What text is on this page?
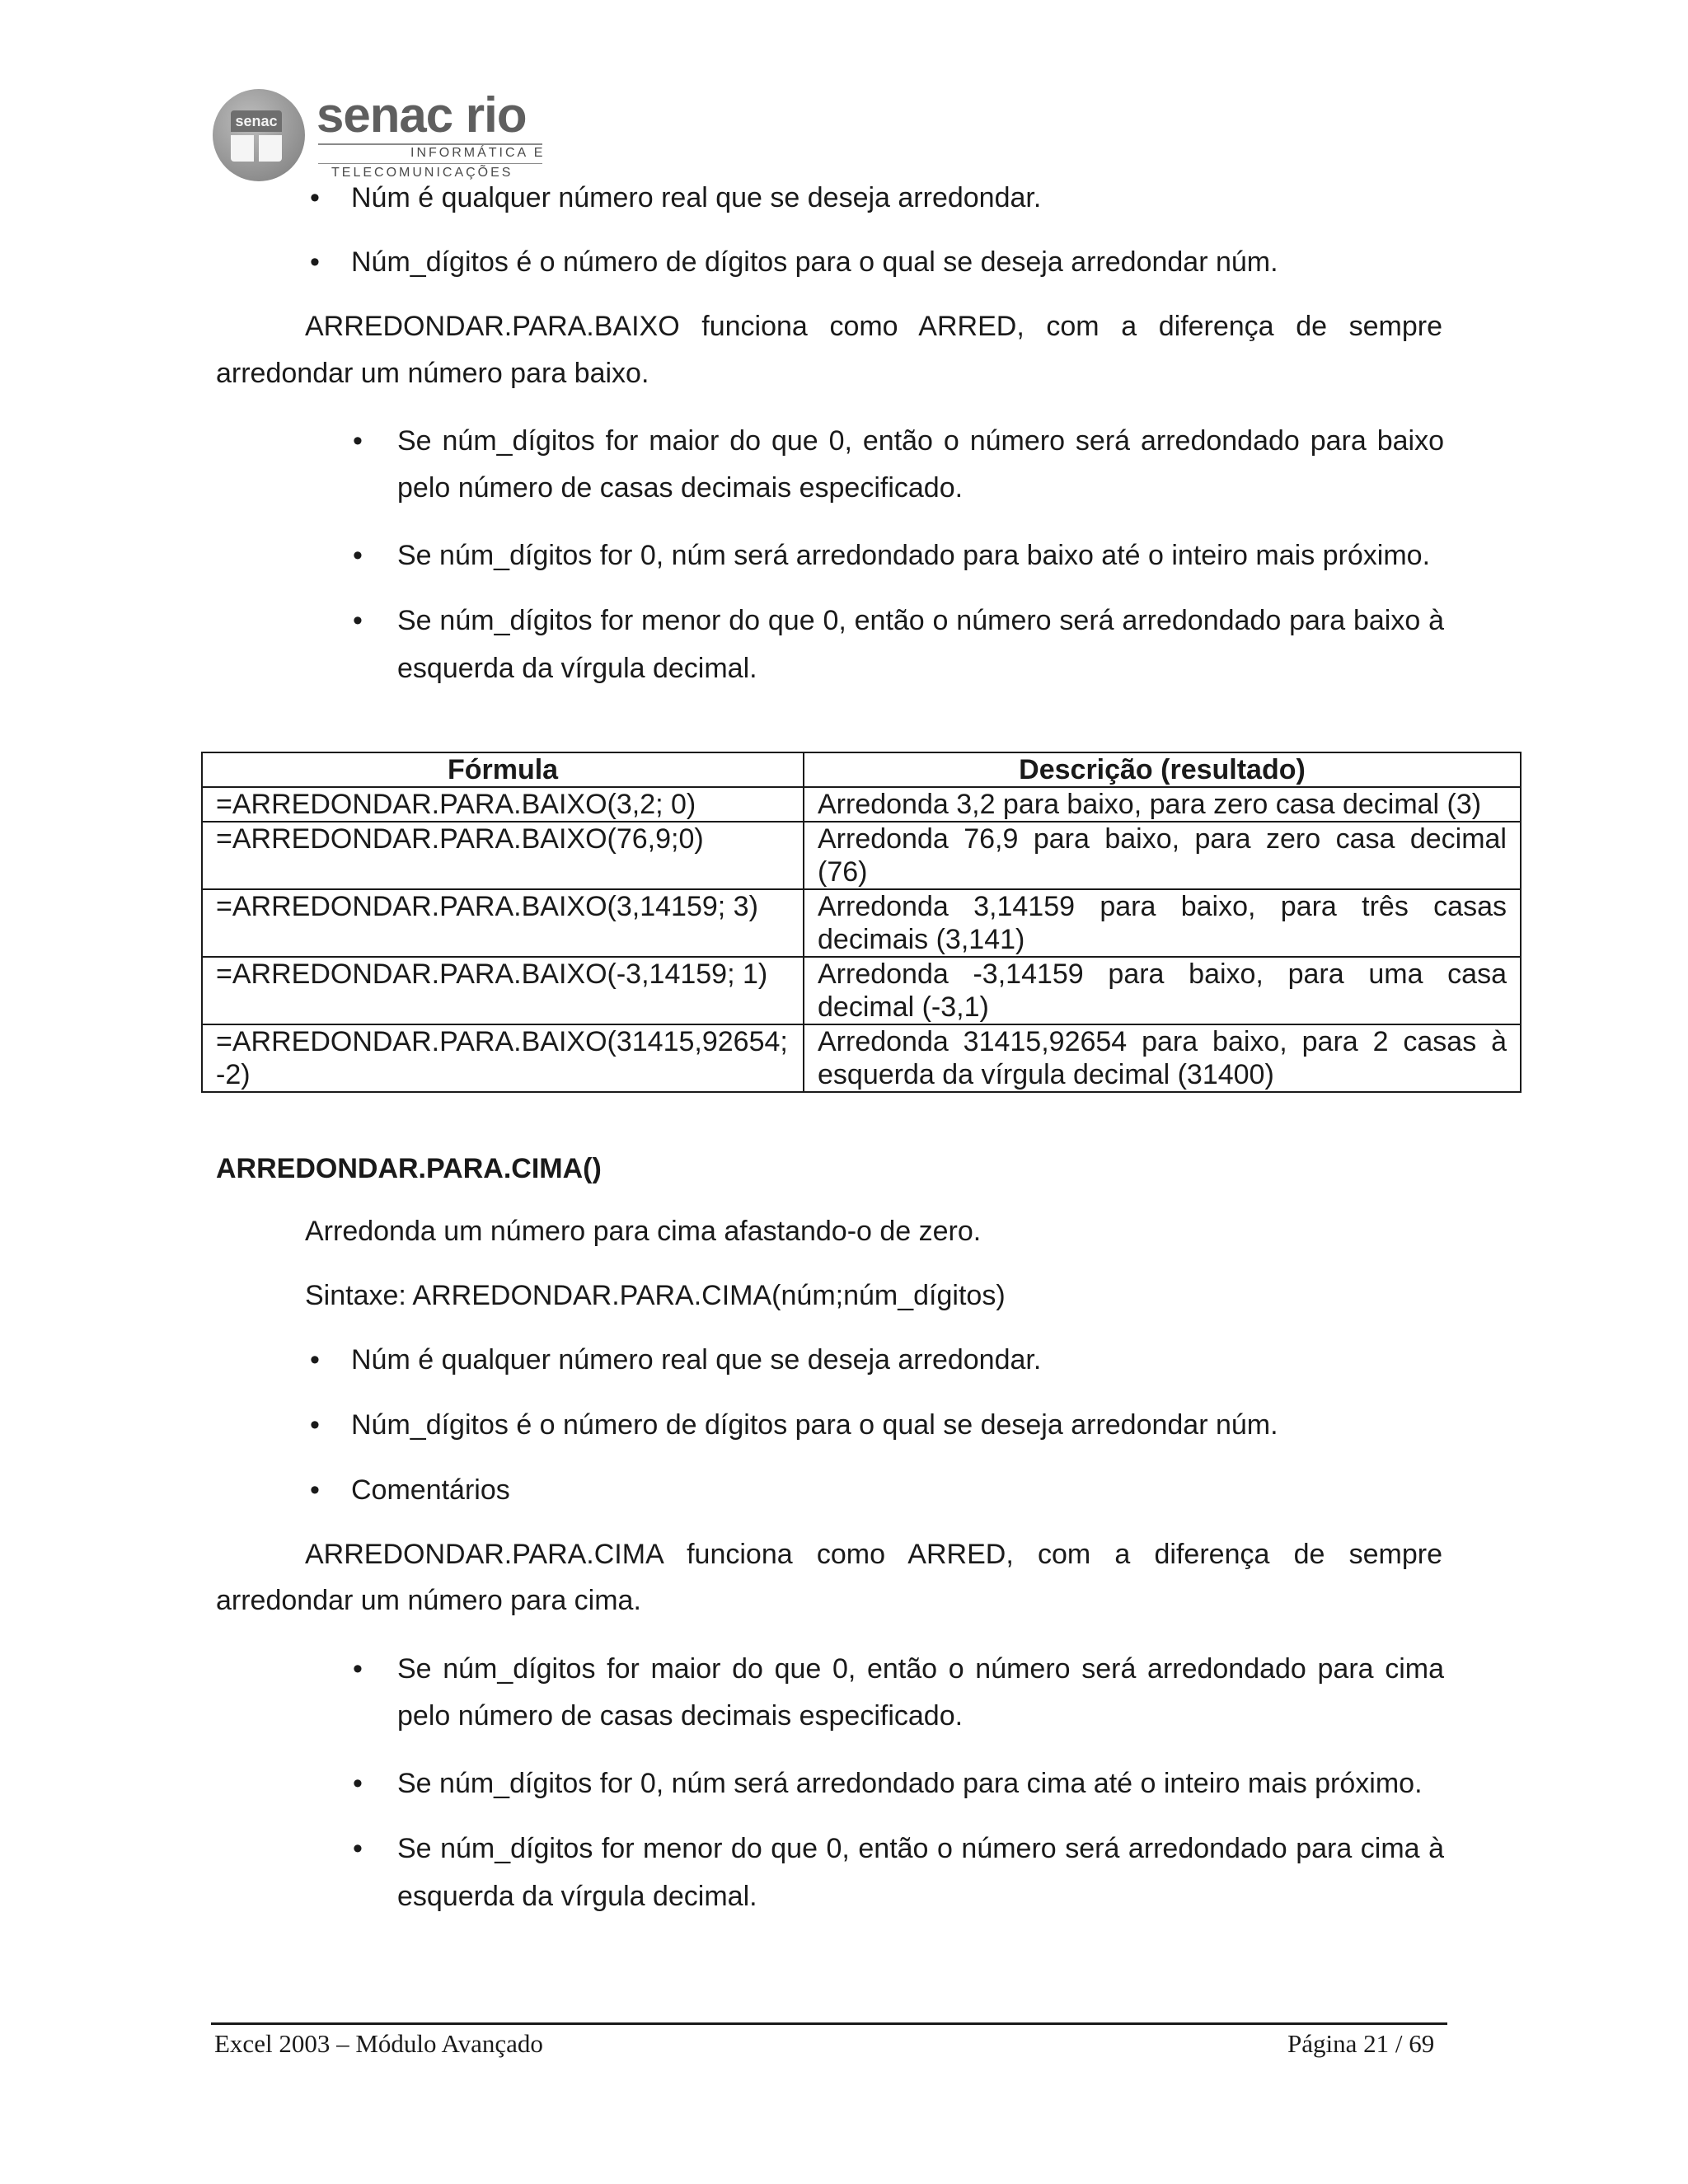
senac senac rio
INFORMÁTICA E
TELECOMUNICAÇÕES
• Núm é qualquer número real que se deseja arredondar.
• Núm_dígitos é o número de dígitos para o qual se deseja arredondar núm.
ARREDONDAR.PARA.BAIXO funciona como ARRED, com a diferença de sempre
arredondar um número para baixo.
• Se núm_dígitos for maior do que 0, então o número será arredondado para baixo
pelo número de casas decimais especificado.
• Se núm_dígitos for 0, núm será arredondado para baixo até o inteiro mais próximo.
• Se núm_dígitos for menor do que 0, então o número será arredondado para baixo à
esquerda da vírgula decimal.
Fórmula	Descrição (resultado)
=ARREDONDAR.PARA.BAIXO(3,2; 0)	Arredonda 3,2 para baixo, para zero casa decimal (3)
=ARREDONDAR.PARA.BAIXO(76,9;0)	Arredonda 76,9 para baixo, para zero casa decimal (76)
=ARREDONDAR.PARA.BAIXO(3,14159; 3)	Arredonda 3,14159 para baixo, para três casas decimais (3,141)
=ARREDONDAR.PARA.BAIXO(-3,14159; 1)	Arredonda -3,14159 para baixo, para uma casa decimal (-3,1)
=ARREDONDAR.PARA.BAIXO(31415,92654; -2)	Arredonda 31415,92654 para baixo, para 2 casas à esquerda da vírgula decimal (31400)
ARREDONDAR.PARA.CIMA()
Arredonda um número para cima afastando-o de zero.
Sintaxe: ARREDONDAR.PARA.CIMA(núm;núm_dígitos)
• Núm é qualquer número real que se deseja arredondar.
• Núm_dígitos é o número de dígitos para o qual se deseja arredondar núm.
• Comentários
ARREDONDAR.PARA.CIMA funciona como ARRED, com a diferença de sempre
arredondar um número para cima.
• Se núm_dígitos for maior do que 0, então o número será arredondado para cima
pelo número de casas decimais especificado.
• Se núm_dígitos for 0, núm será arredondado para cima até o inteiro mais próximo.
• Se núm_dígitos for menor do que 0, então o número será arredondado para cima à
esquerda da vírgula decimal.
Excel 2003 – Módulo Avançado	Página 21 / 69
